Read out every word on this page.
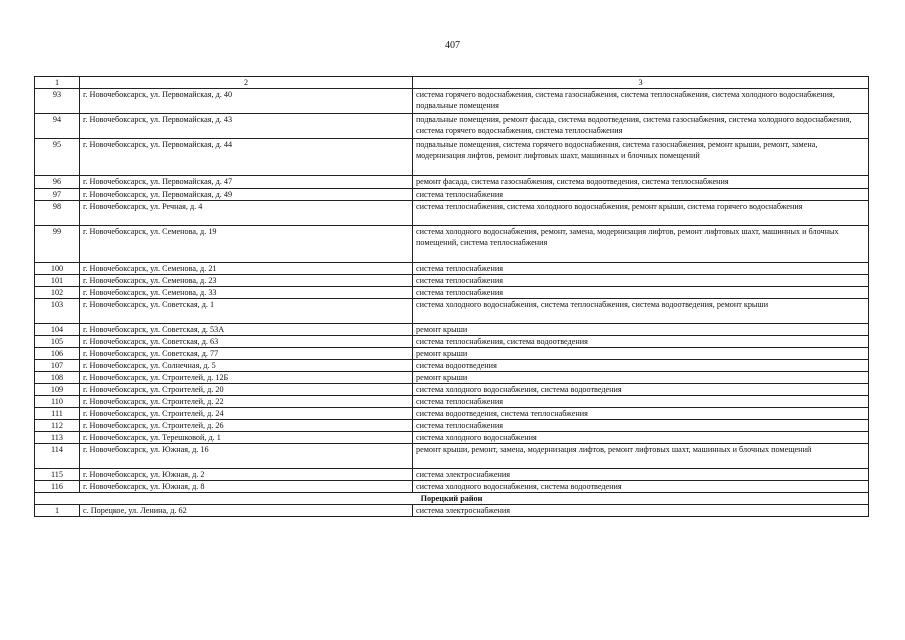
407
1	2	3
93	г. Новочебоксарск, ул. Первомайская, д. 40	система горячего водоснабжения, система газоснабжения, система теплоснабжения, система холодного водоснабжения, подвальные помещения
94	г. Новочебоксарск, ул. Первомайская, д. 43	подвальные помещения, ремонт фасада, система водоотведения, система газоснабжения, система холодного водоснабжения, система горячего водоснабжения, система теплоснабжения
95	г. Новочебоксарск, ул. Первомайская, д. 44	подвальные помещения, система горячего водоснабжения, система газоснабжения, ремонт крыши, ремонт, замена, модернизация лифтов, ремонт лифтовых шахт, машинных и блочных помещений
96	г. Новочебоксарск, ул. Первомайская, д. 47	ремонт фасада, система газоснабжения, система водоотведения, система теплоснабжения
97	г. Новочебоксарск, ул. Первомайская, д. 49	система теплоснабжения
98	г. Новочебоксарск, ул. Речная, д. 4	система теплоснабжения, система холодного водоснабжения, ремонт крыши, система горячего водоснабжения
99	г. Новочебоксарск, ул. Семенова, д. 19	система холодного водоснабжения, ремонт, замена, модернизация лифтов, ремонт лифтовых шахт, машинных и блочных помещений, система теплоснабжения
100	г. Новочебоксарск, ул. Семенова, д. 21	система теплоснабжения
101	г. Новочебоксарск, ул. Семенова, д. 23	система теплоснабжения
102	г. Новочебоксарск, ул. Семенова, д. 33	система теплоснабжения
103	г. Новочебоксарск, ул. Советская, д. 1	система холодного водоснабжения, система теплоснабжения, система водоотведения, ремонт крыши
104	г. Новочебоксарск, ул. Советская, д. 53А	ремонт крыши
105	г. Новочебоксарск, ул. Советская, д. 63	система теплоснабжения, система водоотведения
106	г. Новочебоксарск, ул. Советская, д. 77	ремонт крыши
107	г. Новочебоксарск, ул. Солнечная, д. 5	система водоотведения
108	г. Новочебоксарск, ул. Строителей, д. 12Б	ремонт крыши
109	г. Новочебоксарск, ул. Строителей, д. 20	система холодного водоснабжения, система водоотведения
110	г. Новочебоксарск, ул. Строителей, д. 22	система теплоснабжения
111	г. Новочебоксарск, ул. Строителей, д. 24	система водоотведения, система теплоснабжения
112	г. Новочебоксарск, ул. Строителей, д. 26	система теплоснабжения
113	г. Новочебоксарск, ул. Терешковой, д. 1	система холодного водоснабжения
114	г. Новочебоксарск, ул. Южная, д. 16	ремонт крыши, ремонт, замена, модернизация лифтов, ремонт лифтовых шахт, машинных и блочных помещений
115	г. Новочебоксарск, ул. Южная, д. 2	система электроснабжения
116	г. Новочебоксарск, ул. Южная, д. 8	система холодного водоснабжения, система водоотведения
Порецкий район		
1	с. Порецкое, ул. Ленина, д. 62	система электроснабжения
